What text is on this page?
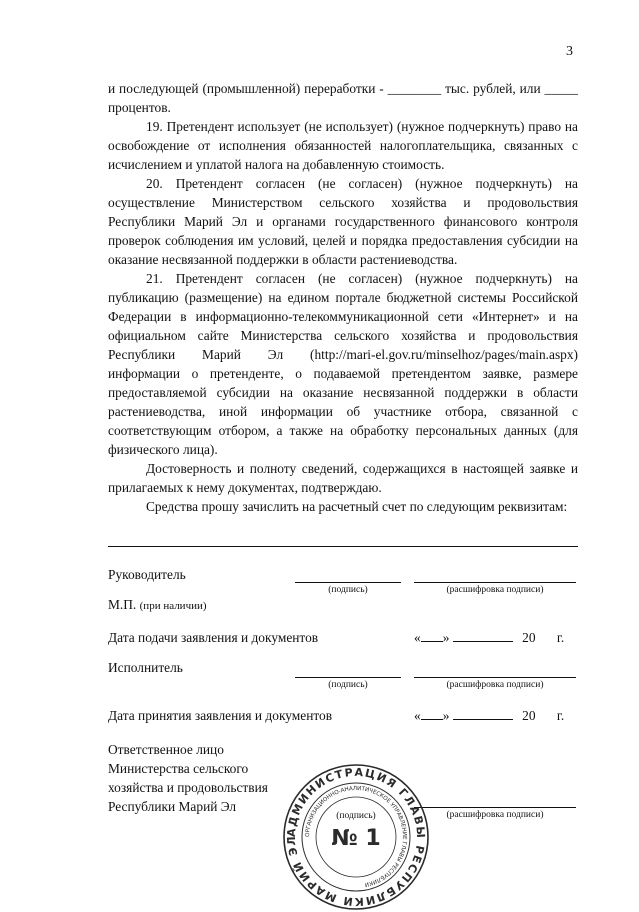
3

и последующей (промышленной) переработки - ________ тыс. рублей, или _____ процентов.

19. Претендент использует (не использует) (нужное подчеркнуть) право на освобождение от исполнения обязанностей налогоплательщика, связанных с исчислением и уплатой налога на добавленную стоимость.

20. Претендент согласен (не согласен) (нужное подчеркнуть) на осуществление Министерством сельского хозяйства и продовольствия Республики Марий Эл и органами государственного финансового контроля проверок соблюдения им условий, целей и порядка предоставления субсидии на оказание несвязанной поддержки в области растениеводства.

21. Претендент согласен (не согласен) (нужное подчеркнуть) на публикацию (размещение) на едином портале бюджетной системы Российской Федерации в информационно-телекоммуникационной сети «Интернет» и на официальном сайте Министерства сельского хозяйства и продовольствия Республики Марий Эл (http://mari-el.gov.ru/minselhoz/pages/main.aspx) информации о претенденте, о подаваемой претендентом заявке, размере предоставляемой субсидии на оказание несвязанной поддержки в области растениеводства, иной информации об участнике отбора, связанной с соответствующим отбором, а также на обработку персональных данных (для физического лица).

Достоверность и полноту сведений, содержащихся в настоящей заявке и прилагаемых к нему документах, подтверждаю.

Средства прошу зачислить на расчетный счет по следующим реквизитам:

Руководитель
(подпись)	(расшифровка подписи)
М.П. (при наличии)
Дата подачи заявления и документов	« »	20 г.
Исполнитель
(подпись)	(расшифровка подписи)
Дата принятия заявления и документов	« »	20 г.
Ответственное лицо
Министерства сельского
хозяйства и продовольствия
Республики Марий Эл
(расшифровка подписи)
(подпись)
АДМИНИСТРАЦИЯ ГЛАВЫ РЕСПУБЛИКИ МАРИЙ ЭЛ	ОРГАНИЗАЦИОННО-АНАЛИТИЧЕСКОЕ УПРАВЛЕНИЕ ГЛАВЫ РЕСПУБЛИКИ
№ 1
